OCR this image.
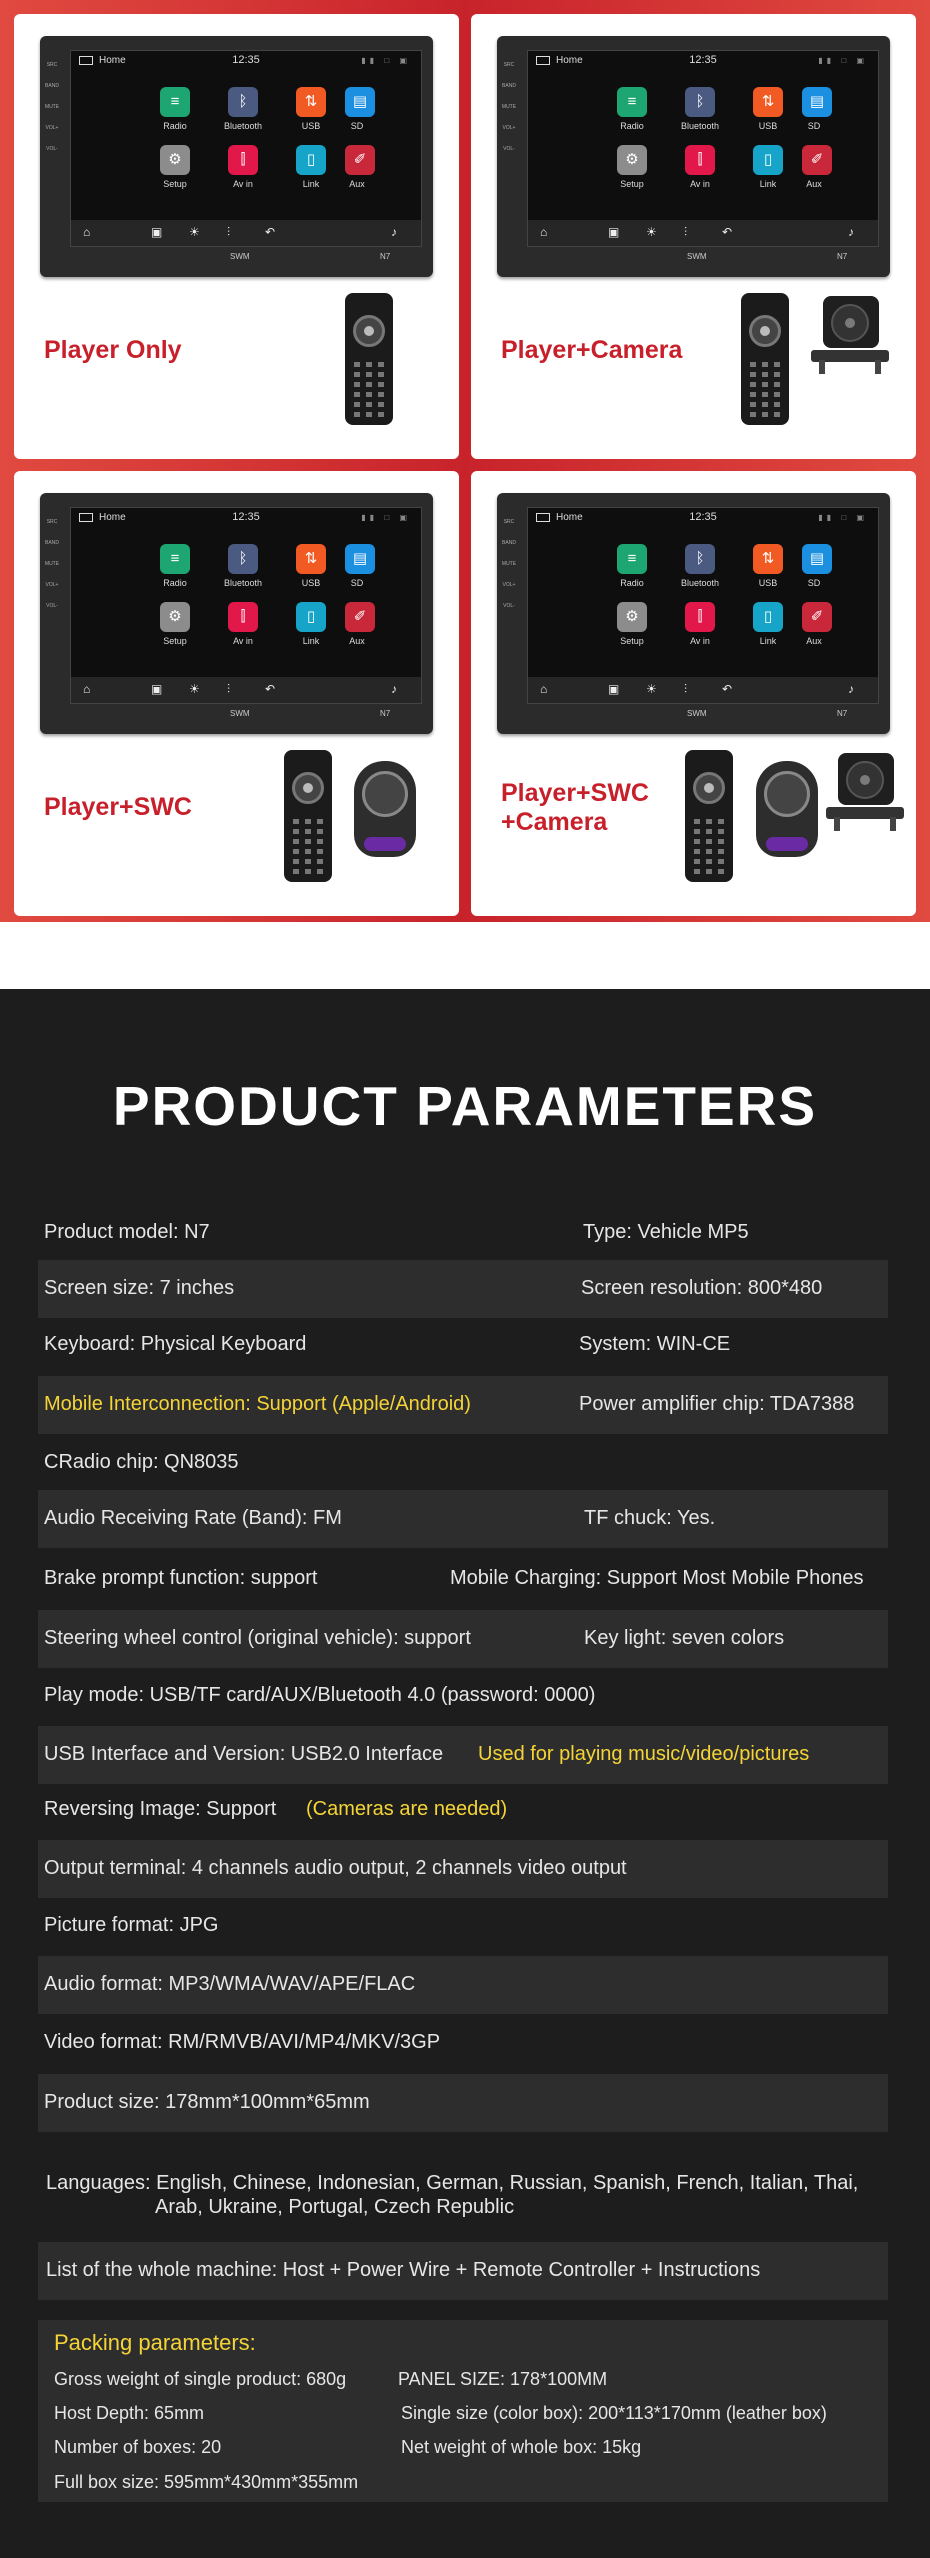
SRC
BAND
MUTE
VOL+
VOL-
Home	12:35	▮▮ □ ▣
≡
Radio
ᛒ
Bluetooth
⇅
USB
▤
SD
⚙
Setup
⫿
Av in
▯
Link
✐
Aux
⌂	▣ ☀ ⫶	↶	♪
SWM	N7
Player Only
SRC
BAND
MUTE
VOL+
VOL-
Home	12:35	▮▮ □ ▣
≡
Radio
ᛒ
Bluetooth
⇅
USB
▤
SD
⚙
Setup
⫿
Av in
▯
Link
✐
Aux
⌂	▣ ☀ ⫶	↶	♪
SWM	N7
Player+Camera
SRC
BAND
MUTE
VOL+
VOL-
Home	12:35	▮▮ □ ▣
≡
Radio
ᛒ
Bluetooth
⇅
USB
▤
SD
⚙
Setup
⫿
Av in
▯
Link
✐
Aux
⌂	▣ ☀ ⫶	↶	♪
SWM	N7
Player+SWC
SRC
BAND
MUTE
VOL+
VOL-
Home	12:35	▮▮ □ ▣
≡
Radio
ᛒ
Bluetooth
⇅
USB
▤
SD
⚙
Setup
⫿
Av in
▯
Link
✐
Aux
⌂	▣ ☀ ⫶	↶	♪
SWM	N7
Player+SWC
+Camera
PRODUCT PARAMETERS
Product model: N7	Type: Vehicle MP5
Screen size: 7 inches	Screen resolution: 800*480
Keyboard: Physical Keyboard	System: WIN-CE
Mobile Interconnection: Support (Apple/Android)	Power amplifier chip: TDA7388
CRadio chip: QN8035
Audio Receiving Rate (Band): FM	TF chuck: Yes.
Brake prompt function: support	Mobile Charging: Support Most Mobile Phones
Steering wheel control (original vehicle): support	Key light: seven colors
Play mode: USB/TF card/AUX/Bluetooth 4.0 (password: 0000)
USB Interface and Version: USB2.0 Interface Used for playing music/video/pictures
Reversing Image: Support (Cameras are needed)
Output terminal: 4 channels audio output, 2 channels video output
Picture format: JPG
Audio format: MP3/WMA/WAV/APE/FLAC
Video format: RM/RMVB/AVI/MP4/MKV/3GP
Product size: 178mm*100mm*65mm
Languages: English, Chinese, Indonesian, German, Russian, Spanish, French, Italian, Thai,
Arab, Ukraine, Portugal, Czech Republic
List of the whole machine: Host + Power Wire + Remote Controller + Instructions
Packing parameters:
Gross weight of single product: 680g	PANEL SIZE: 178*100MM
Host Depth: 65mm	Single size (color box): 200*113*170mm (leather box)
Number of boxes: 20	Net weight of whole box: 15kg
Full box size: 595mm*430mm*355mm
